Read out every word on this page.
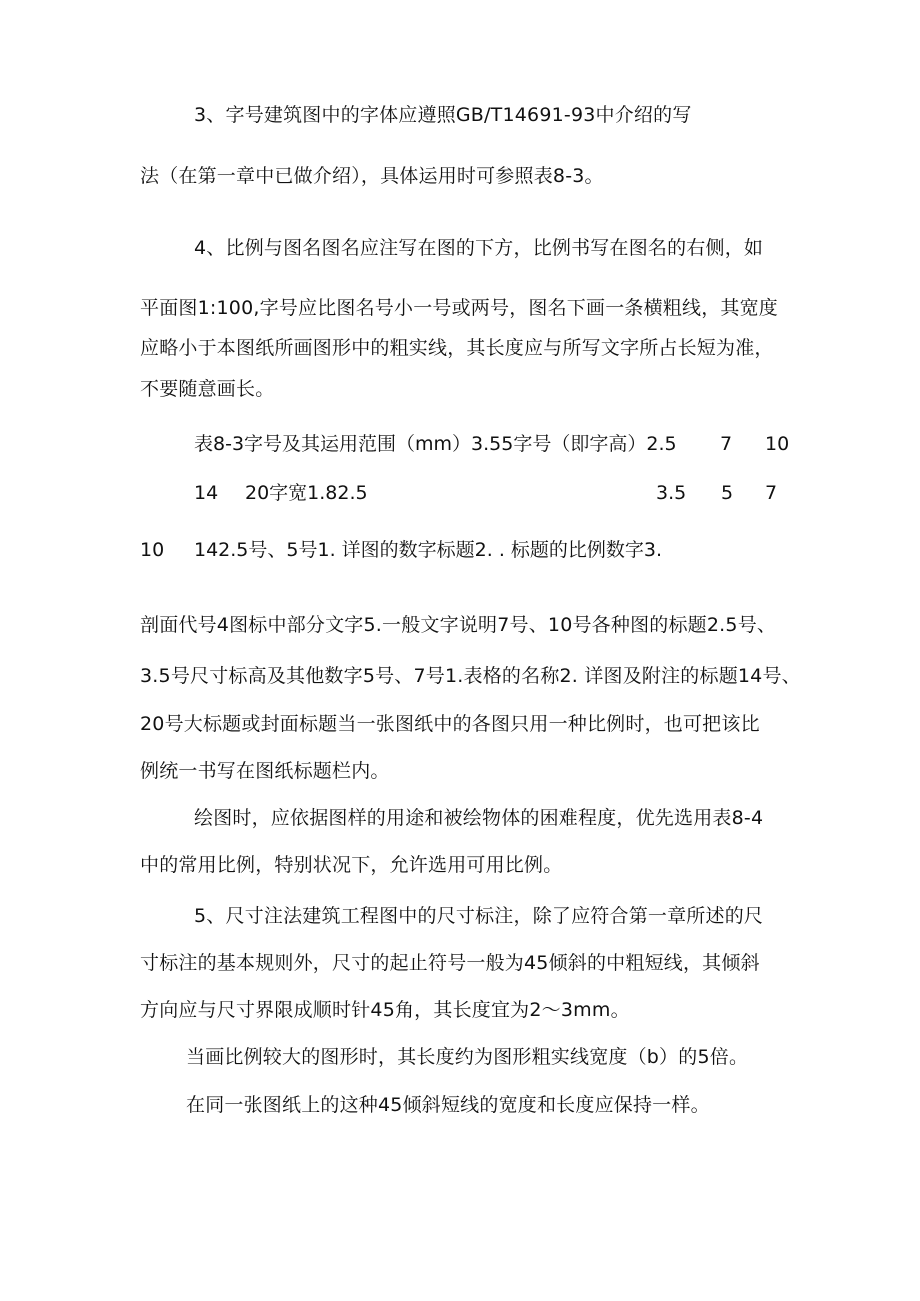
3、字号建筑图中的字体应遵照GB/T14691-93中介绍的写
法（在第一章中已做介绍），具体运用时可参照表8-3。
4、比例与图名图名应注写在图的下方，比例书写在图名的右侧，如
平面图1:100,字号应比图名号小一号或两号，图名下画一条横粗线，其宽度
应略小于本图纸所画图形中的粗实线，其长度应与所写文字所占长短为准，
不要随意画长。
表8-3字号及其运用范围（mm）3.55字号（即字高）2.5 7 10
14 20字宽1.82.5	3.5 5 7
10 142.5号、5号1. 详图的数字标题2. . 标题的比例数字3.
剖面代号4图标中部分文字5.一般文字说明7号、10号各种图的标题2.5号、
3.5号尺寸标高及其他数字5号、7号1.表格的名称2. 详图及附注的标题14号、
20号大标题或封面标题当一张图纸中的各图只用一种比例时，也可把该比
例统一书写在图纸标题栏内。
绘图时，应依据图样的用途和被绘物体的困难程度，优先选用表8-4
中的常用比例，特别状况下，允许选用可用比例。
5、尺寸注法建筑工程图中的尺寸标注，除了应符合第一章所述的尺
寸标注的基本规则外，尺寸的起止符号一般为45倾斜的中粗短线，其倾斜
方向应与尺寸界限成顺时针45角，其长度宜为2～3mm。
当画比例较大的图形时，其长度约为图形粗实线宽度（b）的5倍。
在同一张图纸上的这种45倾斜短线的宽度和长度应保持一样。
